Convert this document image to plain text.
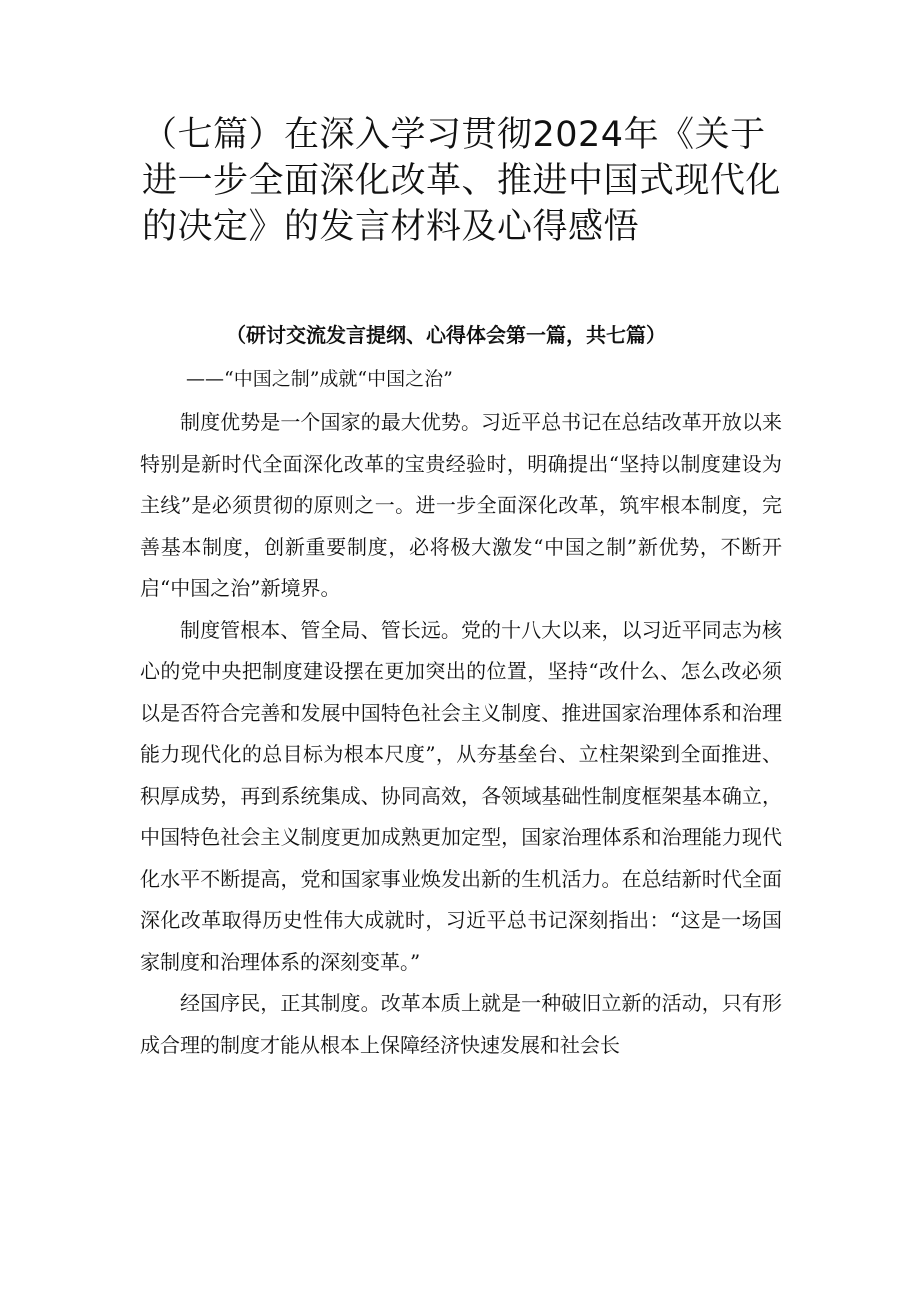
（七篇）在深入学习贯彻2024年《关于进一步全面深化改革、推进中国式现代化的决定》的发言材料及心得感悟
（研讨交流发言提纲、心得体会第一篇，共七篇）
——“中国之制”成就“中国之治”

制度优势是一个国家的最大优势。习近平总书记在总结改革开放以来特别是新时代全面深化改革的宝贵经验时，明确提出“坚持以制度建设为主线”是必须贯彻的原则之一。进一步全面深化改革，筑牢根本制度，完善基本制度，创新重要制度，必将极大激发“中国之制”新优势，不断开启“中国之治”新境界。

制度管根本、管全局、管长远。党的十八大以来，以习近平同志为核心的党中央把制度建设摆在更加突出的位置，坚持“改什么、怎么改必须以是否符合完善和发展中国特色社会主义制度、推进国家治理体系和治理能力现代化的总目标为根本尺度”，从夯基垒台、立柱架梁到全面推进、积厚成势，再到系统集成、协同高效，各领域基础性制度框架基本确立，中国特色社会主义制度更加成熟更加定型，国家治理体系和治理能力现代化水平不断提高，党和国家事业焕发出新的生机活力。在总结新时代全面深化改革取得历史性伟大成就时，习近平总书记深刻指出：“这是一场国家制度和治理体系的深刻变革。”

经国序民，正其制度。改革本质上就是一种破旧立新的活动，只有形成合理的制度才能从根本上保障经济快速发展和社会长
